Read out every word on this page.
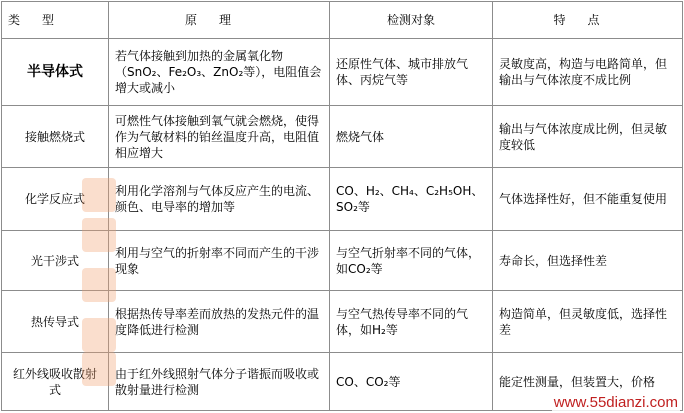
类型	原理	检测对象	特点
半导体式	若气体接触到加热的金属氧化物（SnO₂、Fe₂O₃、ZnO₂等），电阻值会增大或减小	还原性气体、城市排放气体、丙烷气等	灵敏度高，构造与电路简单，但输出与气体浓度不成比例
接触燃烧式	可燃性气体接触到氧气就会燃烧，使得作为气敏材料的铂丝温度升高，电阻值相应增大	燃烧气体	输出与气体浓度成比例，但灵敏度较低
化学反应式	利用化学溶剂与气体反应产生的电流、颜色、电导率的增加等	CO、H₂、CH₄、C₂H₅OH、SO₂等	气体选择性好，但不能重复使用
光干涉式	利用与空气的折射率不同而产生的干涉现象	与空气折射率不同的气体，如CO₂等	寿命长，但选择性差
热传导式	根据热传导率差而放热的发热元件的温度降低进行检测	与空气热传导率不同的气体，如H₂等	构造简单，但灵敏度低，选择性差
红外线吸收散射式	由于红外线照射气体分子谐振而吸收或散射量进行检测	CO、CO₂等	能定性测量，但装置大，价格
www.55dianzi.com
